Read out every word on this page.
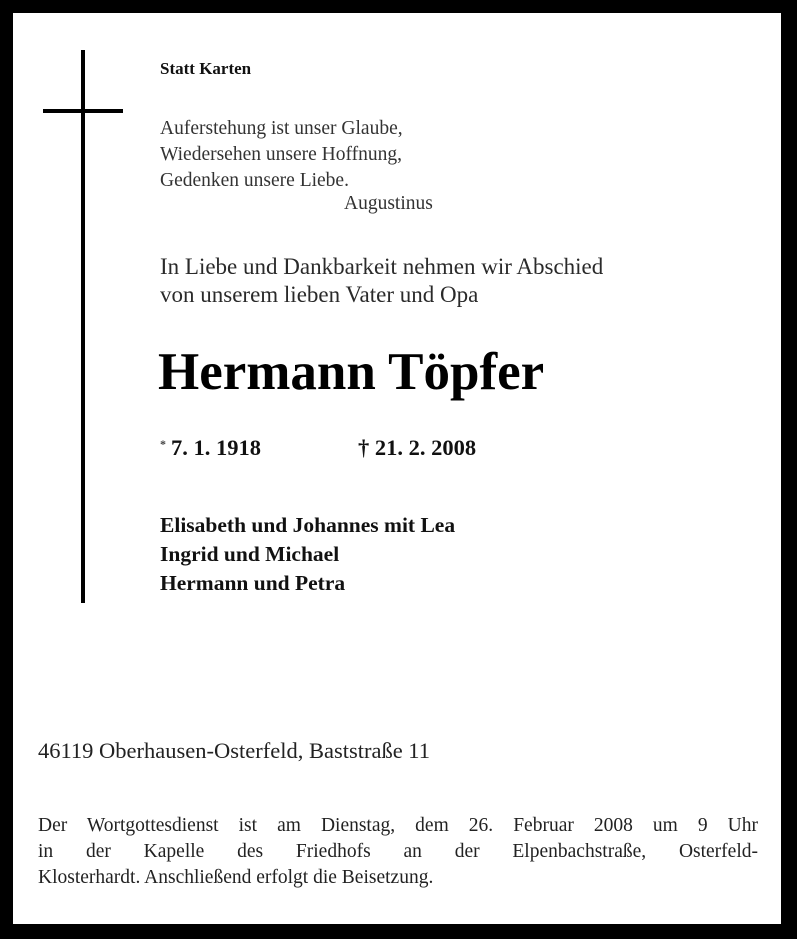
Statt Karten
Auferstehung ist unser Glaube,
Wiedersehen unsere Hoffnung,
Gedenken unsere Liebe.
Augustinus
In Liebe und Dankbarkeit nehmen wir Abschied
von unserem lieben Vater und Opa
Hermann Töpfer
* 7. 1. 1918	† 21. 2. 2008
Elisabeth und Johannes mit Lea
Ingrid und Michael
Hermann und Petra
46119 Oberhausen-Osterfeld, Baststraße 11
Der Wortgottesdienst ist am Dienstag, dem 26. Februar 2008 um 9 Uhr
in der Kapelle des Friedhofs an der Elpenbachstraße, Osterfeld-
Klosterhardt. Anschließend erfolgt die Beisetzung.
